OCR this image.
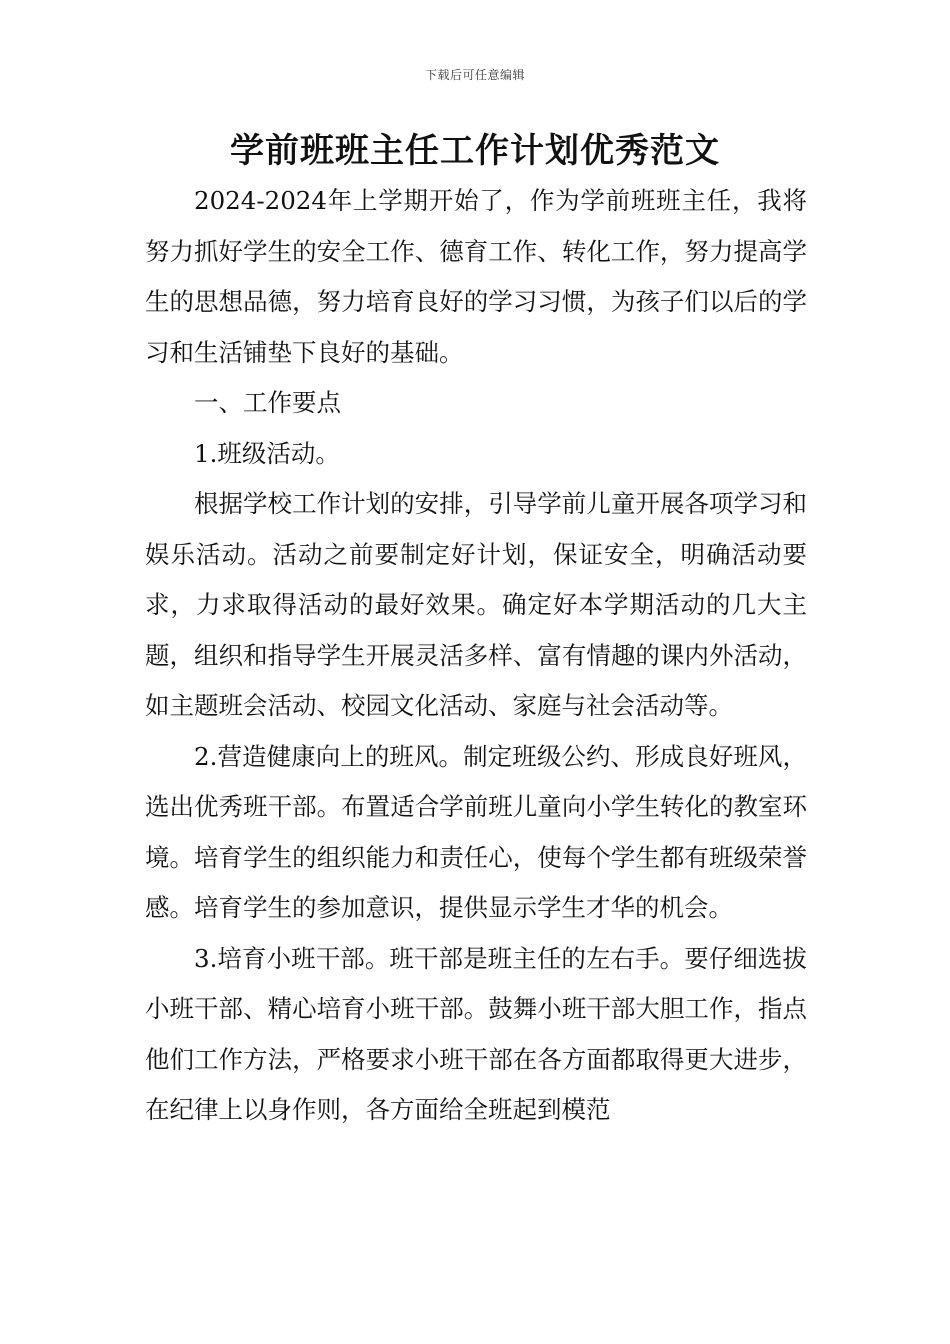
下载后可任意编辑
学前班班主任工作计划优秀范文

2024-2024年上学期开始了，作为学前班班主任，我将努力抓好学生的安全工作、德育工作、转化工作，努力提高学生的思想品德，努力培育良好的学习习惯，为孩子们以后的学习和生活铺垫下良好的基础。

一、工作要点

1.班级活动。

根据学校工作计划的安排，引导学前儿童开展各项学习和娱乐活动。活动之前要制定好计划，保证安全，明确活动要求，力求取得活动的最好效果。确定好本学期活动的几大主题，组织和指导学生开展灵活多样、富有情趣的课内外活动，如主题班会活动、校园文化活动、家庭与社会活动等。

2.营造健康向上的班风。制定班级公约、形成良好班风，选出优秀班干部。布置适合学前班儿童向小学生转化的教室环境。培育学生的组织能力和责任心，使每个学生都有班级荣誉感。培育学生的参加意识，提供显示学生才华的机会。

3.培育小班干部。班干部是班主任的左右手。要仔细选拔小班干部、精心培育小班干部。鼓舞小班干部大胆工作，指点他们工作方法，严格要求小班干部在各方面都取得更大进步，在纪律上以身作则，各方面给全班起到模范
